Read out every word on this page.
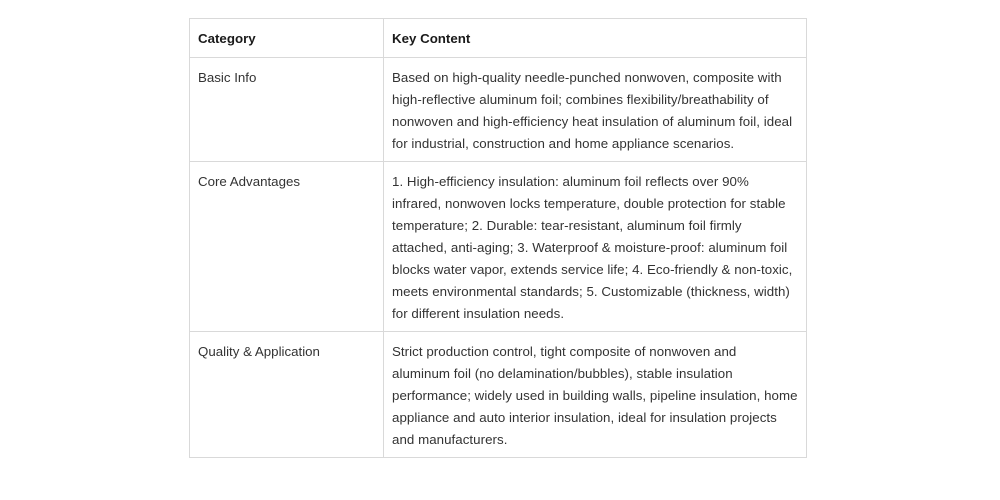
Category	Key Content
Basic Info	Based on high-quality needle-punched nonwoven, composite with high-reflective aluminum foil; combines flexibility/breathability of nonwoven and high-efficiency heat insulation of aluminum foil, ideal for industrial, construction and home appliance scenarios.
Core Advantages	1. High-efficiency insulation: aluminum foil reflects over 90% infrared, nonwoven locks temperature, double protection for stable temperature; 2. Durable: tear-resistant, aluminum foil firmly attached, anti-aging; 3. Waterproof & moisture-proof: aluminum foil blocks water vapor, extends service life; 4. Eco-friendly & non-toxic, meets environmental standards; 5. Customizable (thickness, width) for different insulation needs.
Quality & Application	Strict production control, tight composite of nonwoven and aluminum foil (no delamination/bubbles), stable insulation performance; widely used in building walls, pipeline insulation, home appliance and auto interior insulation, ideal for insulation projects and manufacturers.
